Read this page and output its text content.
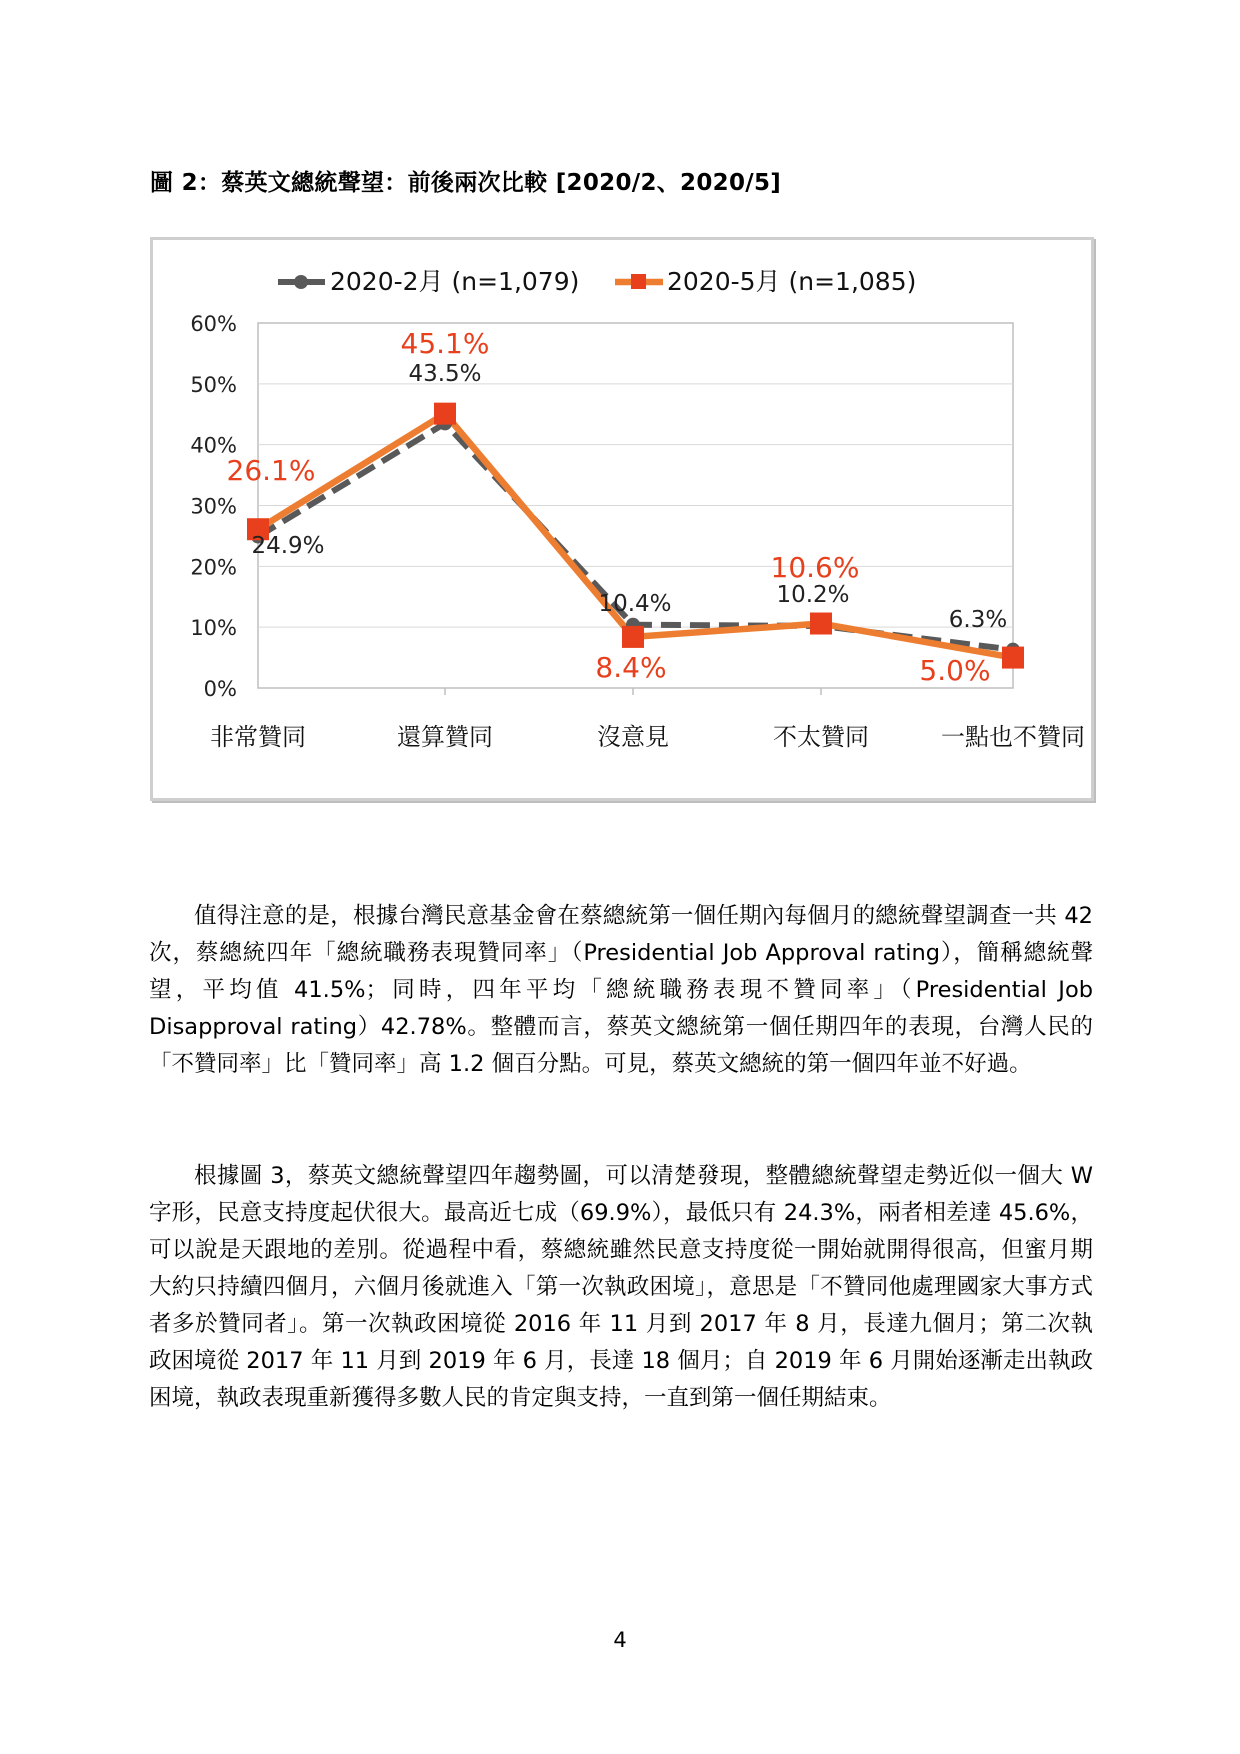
圖 2：蔡英文總統聲望：前後兩次比較 [2020/2、2020/5]
0%
10%
20%
30%
40%
50%
60%
非常贊同	還算贊同	沒意見	不太贊同	一點也不贊同
24.9%
43.5%
10.4%	10.2%
6.3%
26.1%
45.1%
8.4%
10.6%
5.0%
2020-2月 (n=1,079)	2020-5月 (n=1,085)

值得注意的是，根據台灣民意基金會在蔡總統第一個任期內每個月的總統聲望調查一共 42 次，蔡總統四年「總統職務表現贊同率」（Presidential Job Approval rating），簡稱總統聲望，平均值 41.5%；同時，四年平均「總統職務表現不贊同率」（Presidential Job Disapproval rating）42.78%。整體而言，蔡英文總統第一個任期四年的表現，台灣人民的「不贊同率」比「贊同率」高 1.2 個百分點。可見，蔡英文總統的第一個四年並不好過。

根據圖 3，蔡英文總統聲望四年趨勢圖，可以清楚發現，整體總統聲望走勢近似一個大 W 字形，民意支持度起伏很大。最高近七成（69.9%），最低只有 24.3%，兩者相差達 45.6%，可以說是天跟地的差別。從過程中看，蔡總統雖然民意支持度從一開始就開得很高，但蜜月期大約只持續四個月，六個月後就進入「第一次執政困境」，意思是「不贊同他處理國家大事方式者多於贊同者」。第一次執政困境從 2016 年 11 月到 2017 年 8 月，長達九個月；第二次執政困境從 2017 年 11 月到 2019 年 6 月，長達 18 個月；自 2019 年 6 月開始逐漸走出執政困境，執政表現重新獲得多數人民的肯定與支持，一直到第一個任期結束。

4
